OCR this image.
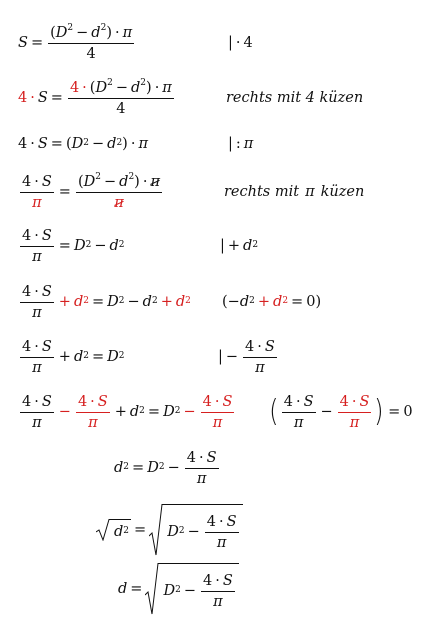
$S = \frac{(D^2 - d^2) \cdot \pi}{4}$	| · 4
$4 \cdot S = \frac{4 \cdot (D^2 - d^2) \cdot \pi}{4}$	rechts mit 4 küzen
4 · S = ( $D^2 - d^2$ ) · π	| : π
$\frac{4 \cdot S}{\pi} = \frac{(D^2 - d^2) \cdot \pi}{\pi}$	rechts mit π küzen
$\frac{4 \cdot S}{\pi} = D^2 - d^2$	| + $d^2$
$\frac{4 \cdot S}{\pi} + d^2 = D^2 - d^2 + d^2$ ( − $d^2 + d^2 = 0$ )
$\frac{4 \cdot S}{\pi} + d^2 = D^2$	| − $\frac{4 \cdot S}{\pi}$
$\frac{4 \cdot S}{\pi} - \frac{4 \cdot S}{\pi} + d^2 = D^2 - \frac{4 \cdot S}{\pi}$ ( $\frac{4 \cdot S}{\pi} - \frac{4 \cdot S}{\pi}$ ) = 0
$d^2 = D^2 - \frac{4 \cdot S}{\pi}$
$d^2 = D^2 - \frac{4 \cdot S}{\pi}$
$d = D^2 - \frac{4 \cdot S}{\pi}$
